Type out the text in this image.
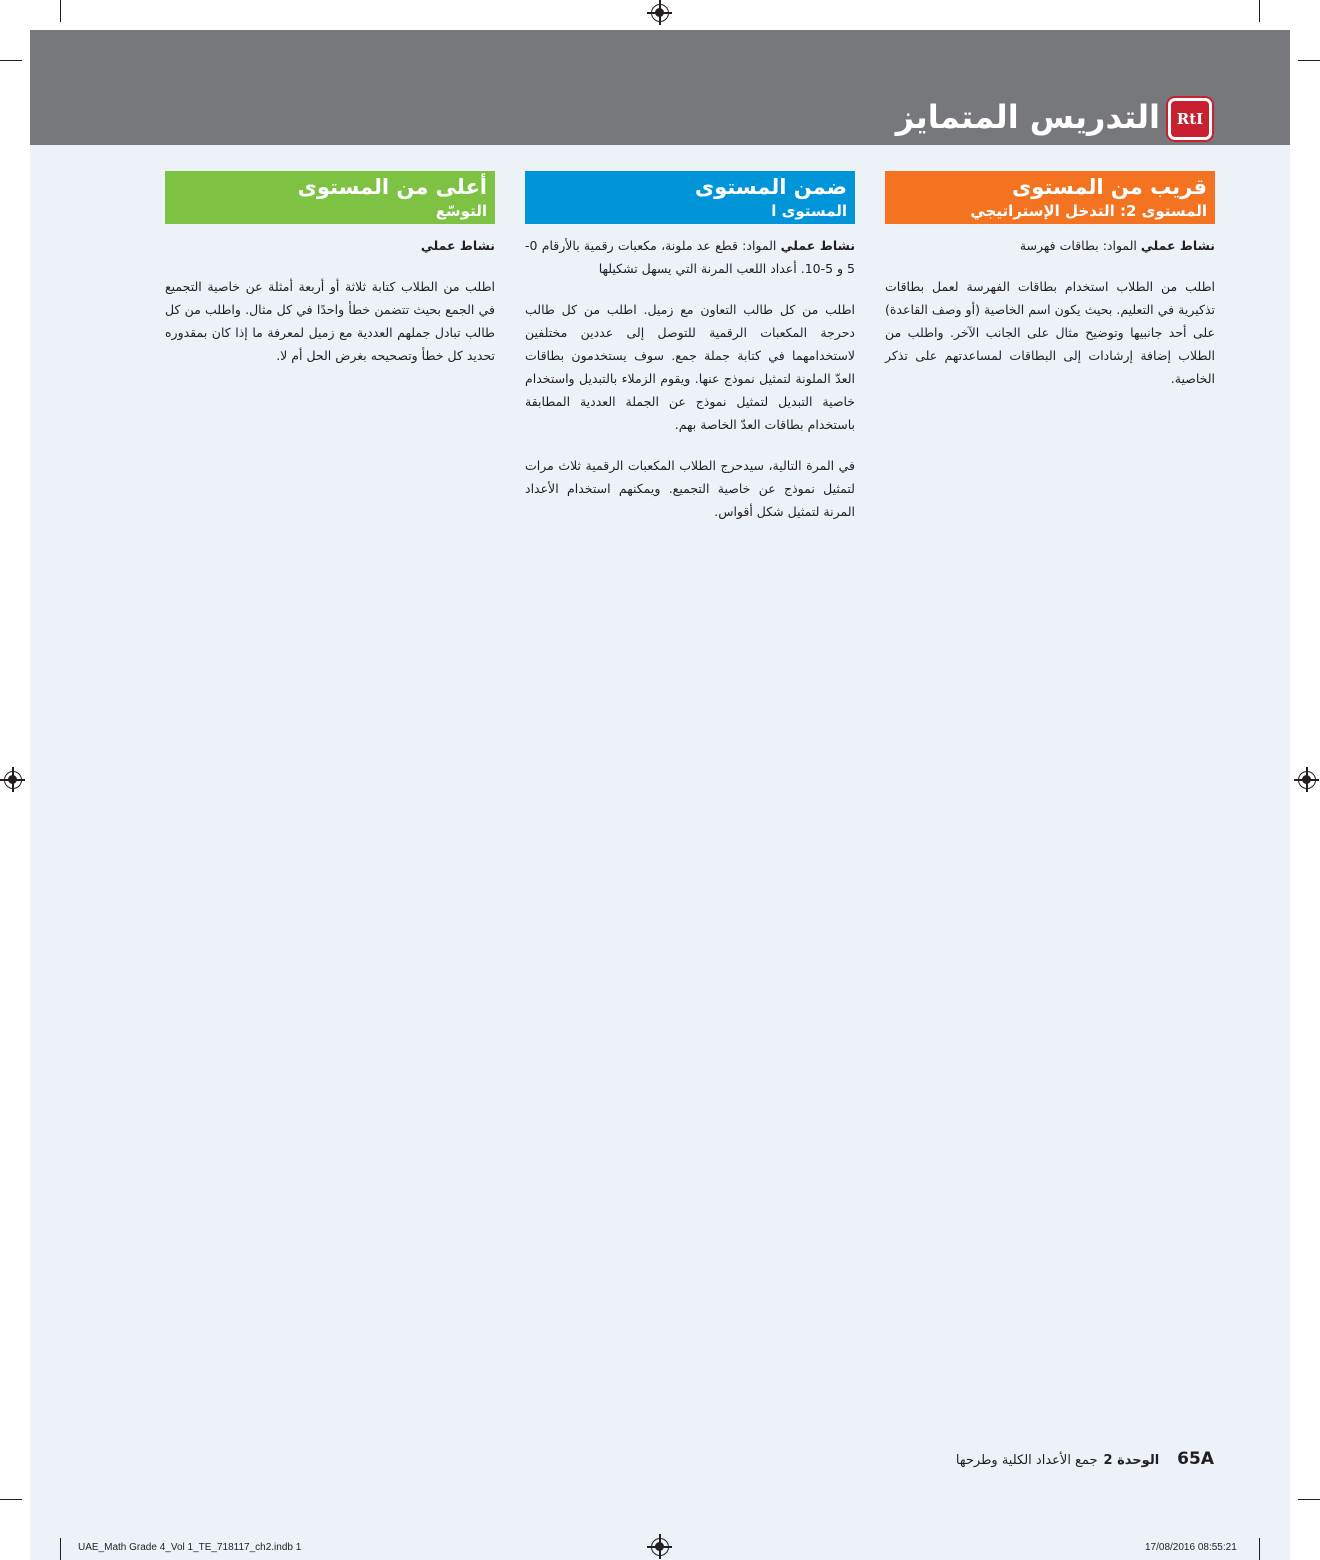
التدريس المتمايز	RtI
قريب من المستوى
المستوى 2: التدخل الإستراتيجي
نشاط عملي المواد: بطاقات فهرسة
اطلب من الطلاب استخدام بطاقات الفهرسة لعمل بطاقات تذكيرية في التعليم. بحيث يكون اسم الخاصية (أو وصف القاعدة) على أحد جانبيها وتوضيح مثال على الجانب الآخر. واطلب من الطلاب إضافة إرشادات إلى البطاقات لمساعدتهم على تذكر الخاصية.
ضمن المستوى
المستوى ا
نشاط عملي المواد: قطع عد ملونة، مكعبات رقمية بالأرقام 0-5 و 5-10. أعداد اللعب المرنة التي يسهل تشكيلها
اطلب من كل طالب التعاون مع زميل. اطلب من كل طالب دحرجة المكعبات الرقمية للتوصل إلى عددين مختلفين لاستخدامهما في كتابة جملة جمع. سوف يستخدمون بطاقات العدّ الملونة لتمثيل نموذج عنها. ويقوم الزملاء بالتبديل واستخدام خاصية التبديل لتمثيل نموذج عن الجملة العددية المطابقة باستخدام بطاقات العدّ الخاصة بهم.
في المرة التالية، سيدحرج الطلاب المكعبات الرقمية ثلاث مرات لتمثيل نموذج عن خاصية التجميع. ويمكنهم استخدام الأعداد المرنة لتمثيل شكل أقواس.
أعلى من المستوى
التوسّع
نشاط عملي
اطلب من الطلاب كتابة ثلاثة أو أربعة أمثلة عن خاصية التجميع في الجمع بحيث تتضمن خطأ واحدًا في كل مثال. واطلب من كل طالب تبادل جملهم العددية مع زميل لمعرفة ما إذا كان بمقدوره تحديد كل خطأ وتصحيحه بغرض الحل أم لا.
65Aالوحدة 2جمع الأعداد الكلية وطرحها
UAE_Math Grade 4_Vol 1_TE_718117_ch2.indb 1	17/08/2016 08:55:21
